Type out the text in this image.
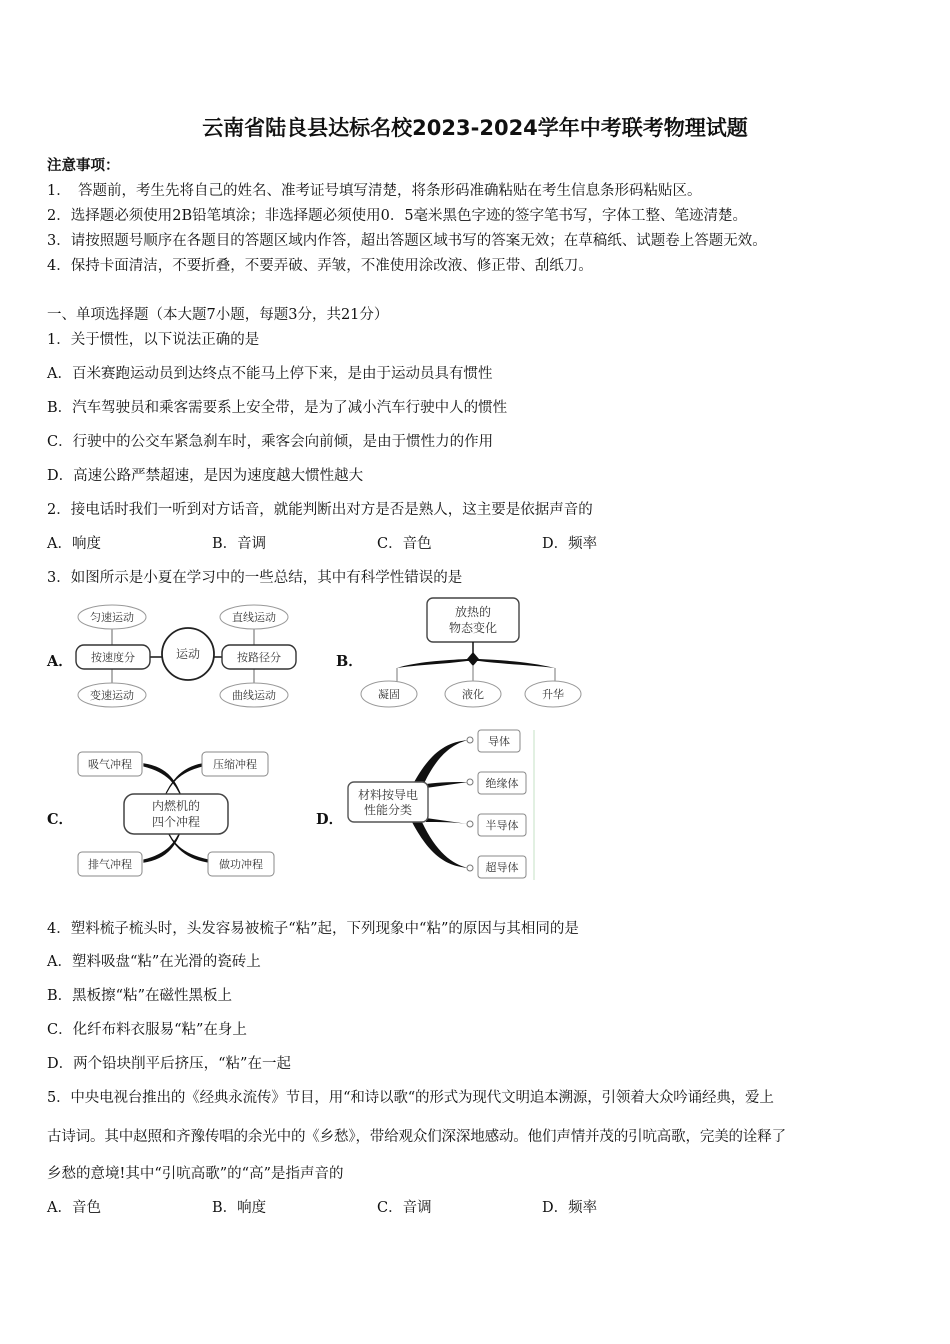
云南省陆良县达标名校2023-2024学年中考联考物理试题
注意事项：
1．　答题前，考生先将自己的姓名、准考证号填写清楚，将条形码准确粘贴在考生信息条形码粘贴区。
2．选择题必须使用2B铅笔填涂；非选择题必须使用0．5毫米黑色字迹的签字笔书写，字体工整、笔迹清楚。
3．请按照题号顺序在各题目的答题区域内作答，超出答题区域书写的答案无效；在草稿纸、试题卷上答题无效。
4．保持卡面清洁，不要折叠，不要弄破、弄皱，不准使用涂改液、修正带、刮纸刀。
一、单项选择题（本大题7小题，每题3分，共21分）
1．关于惯性，以下说法正确的是
A．百米赛跑运动员到达终点不能马上停下来，是由于运动员具有惯性
B．汽车驾驶员和乘客需要系上安全带，是为了减小汽车行驶中人的惯性
C．行驶中的公交车紧急刹车时，乘客会向前倾，是由于惯性力的作用
D．高速公路严禁超速，是因为速度越大惯性越大
2．接电话时我们一听到对方话音，就能判断出对方是否是熟人，这主要是依据声音的
A．响度	B．音调	C．音色	D．频率
3．如图所示是小夏在学习中的一些总结，其中有科学性错误的是
A．	B．
C．	D．
匀速运动
变速运动
直线运动
曲线运动
按速度分	按路径分
运动
放热的
物态变化
凝固	液化	升华
吸气冲程	压缩冲程
排气冲程	做功冲程
内燃机的
四个冲程
材料按导电
性能分类
导体
绝缘体
半导体
超导体
4．塑料梳子梳头时，头发容易被梳子“粘”起，下列现象中“粘”的原因与其相同的是
A．塑料吸盘“粘”在光滑的瓷砖上
B．黑板擦“粘”在磁性黑板上
C．化纤布料衣服易“粘”在身上
D．两个铅块削平后挤压，“粘”在一起
5．中央电视台推出的《经典永流传》节目，用“和诗以歌“的形式为现代文明追本溯源，引领着大众吟诵经典，爱上
古诗词。其中赵照和齐豫传唱的余光中的《乡愁》，带给观众们深深地感动。他们声情并茂的引吭高歌，完美的诠释了
乡愁的意境!其中“引吭高歌”的“高”是指声音的
A．音色	B．响度	C．音调	D．频率
